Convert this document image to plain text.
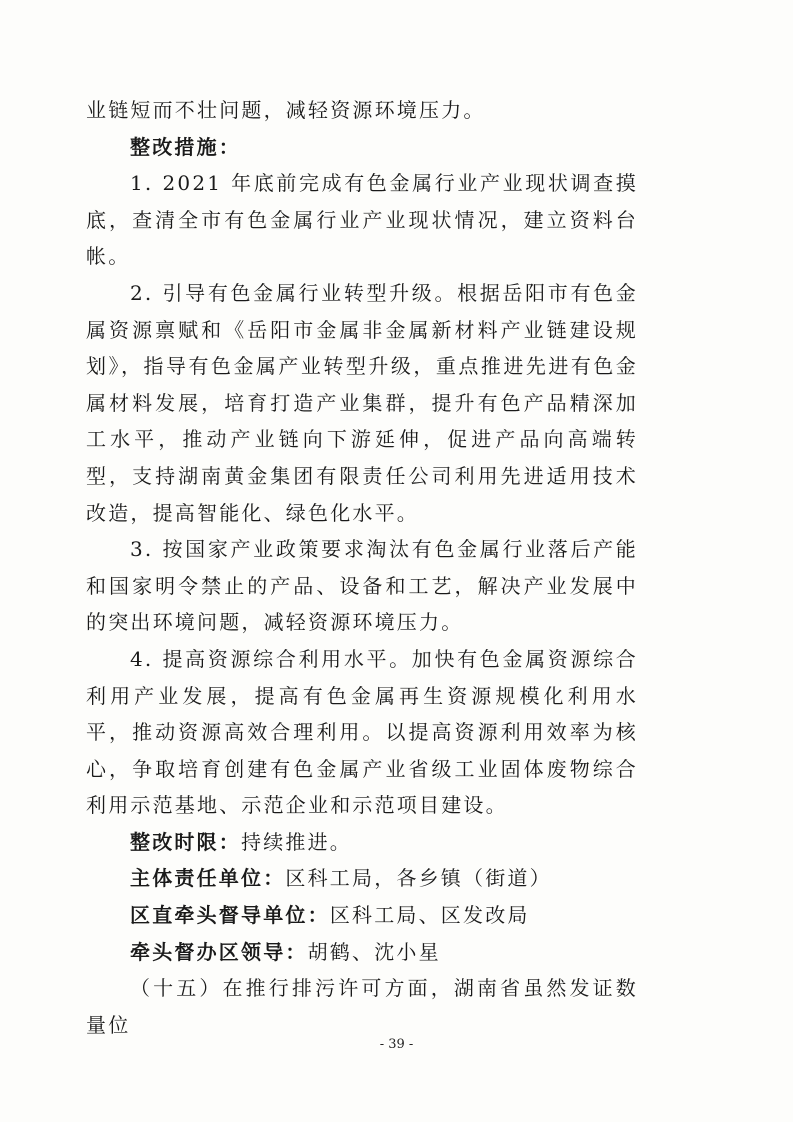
业链短而不壮问题，减轻资源环境压力。

整改措施：

1. 2021 年底前完成有色金属行业产业现状调查摸底，查清全市有色金属行业产业现状情况，建立资料台帐。

2. 引导有色金属行业转型升级。根据岳阳市有色金属资源禀赋和《岳阳市金属非金属新材料产业链建设规划》，指导有色金属产业转型升级，重点推进先进有色金属材料发展，培育打造产业集群，提升有色产品精深加工水平，推动产业链向下游延伸，促进产品向高端转型，支持湖南黄金集团有限责任公司利用先进适用技术改造，提高智能化、绿色化水平。

3. 按国家产业政策要求淘汰有色金属行业落后产能和国家明令禁止的产品、设备和工艺，解决产业发展中的突出环境问题，减轻资源环境压力。

4. 提高资源综合利用水平。加快有色金属资源综合利用产业发展，提高有色金属再生资源规模化利用水平，推动资源高效合理利用。以提高资源利用效率为核心，争取培育创建有色金属产业省级工业固体废物综合利用示范基地、示范企业和示范项目建设。

整改时限：持续推进。

主体责任单位：区科工局，各乡镇（街道）

区直牵头督导单位：区科工局、区发改局

牵头督办区领导：胡鹤、沈小星

（十五）在推行排污许可方面，湖南省虽然发证数量位

- 39 -
